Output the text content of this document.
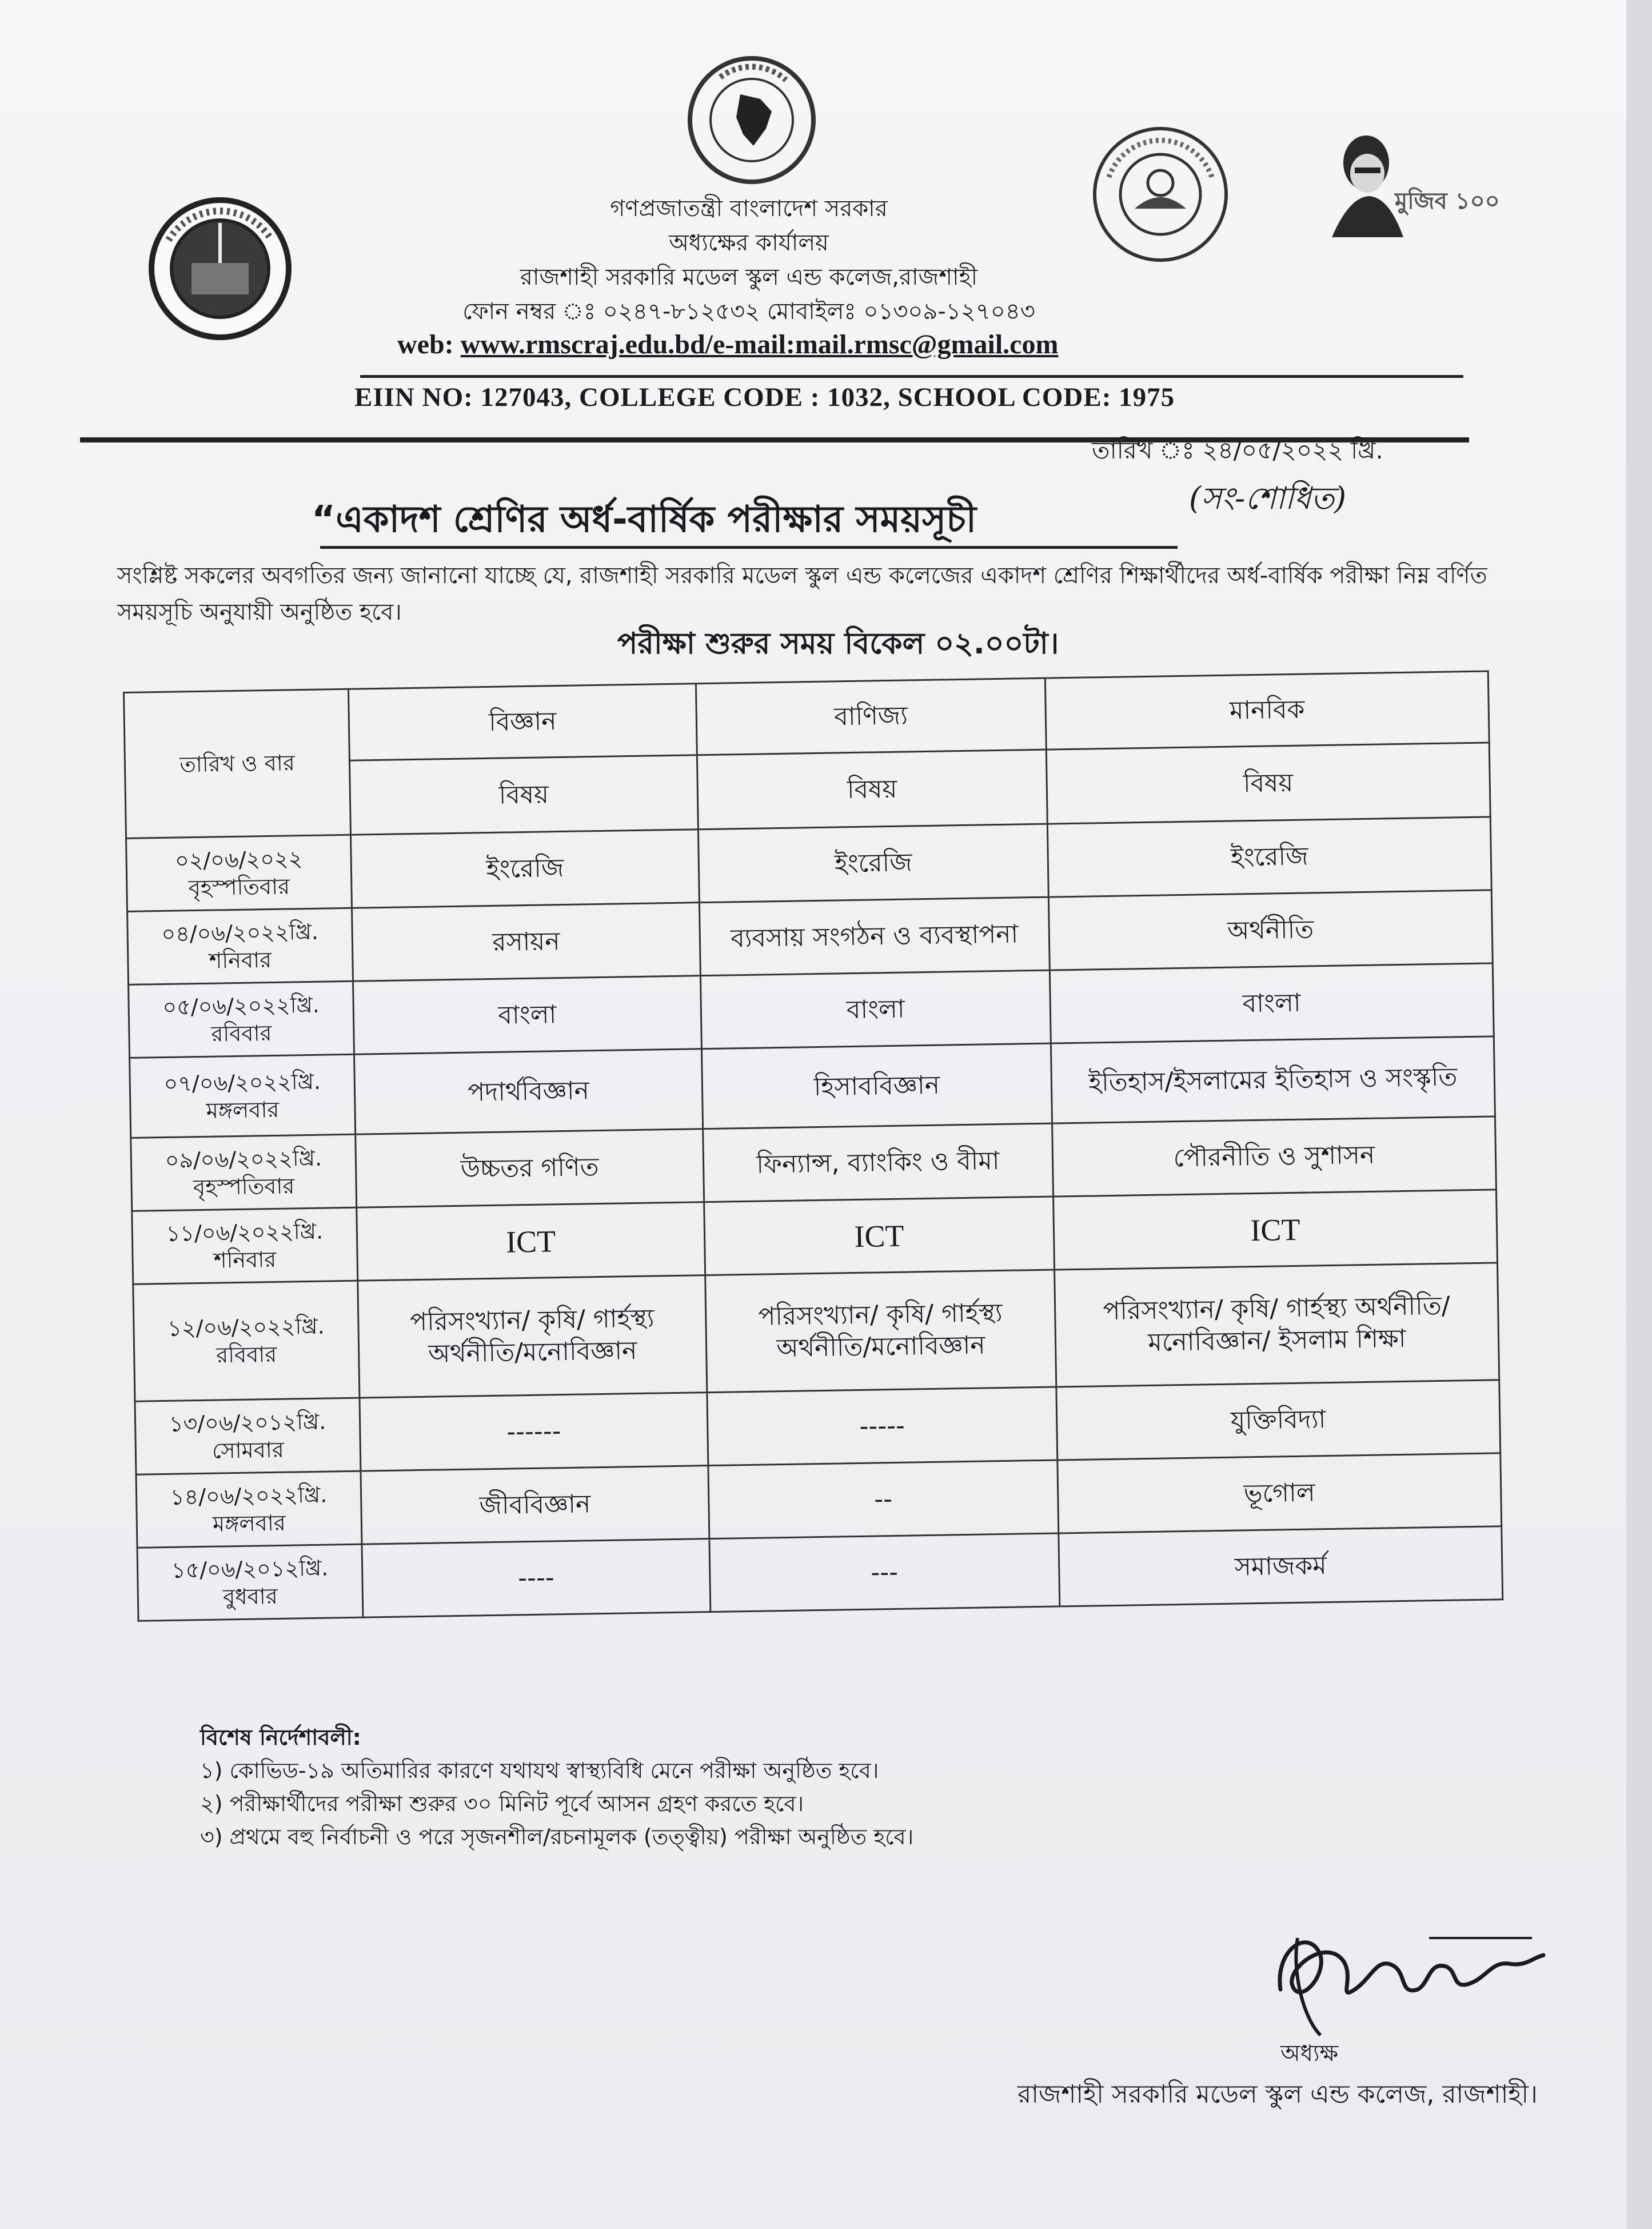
মুজিব ১০০
গণপ্রজাতন্ত্রী বাংলাদেশ সরকার
অধ্যক্ষের কার্যালয়
রাজশাহী সরকারি মডেল স্কুল এন্ড কলেজ,রাজশাহী
ফোন নম্বর ঃ ০২৪৭-৮১২৫৩২ মোবাইলঃ ০১৩০৯-১২৭০৪৩
web: www.rmscraj.edu.bd/e-mail:mail.rmsc@gmail.com
EIIN NO: 127043, COLLEGE CODE : 1032, SCHOOL CODE: 1975
তারিখ ঃ ২৪/০৫/২০২২ খ্রি.
“একাদশ শ্রেণির অর্ধ-বার্ষিক পরীক্ষার সময়সূচী
(সং-শোধিত)
সংশ্লিষ্ট সকলের অবগতির জন্য জানানো যাচ্ছে যে, রাজশাহী সরকারি মডেল স্কুল এন্ড কলেজের একাদশ শ্রেণির শিক্ষার্থীদের অর্ধ-বার্ষিক পরীক্ষা নিম্ন বর্ণিত সময়সূচি অনুযায়ী অনুষ্ঠিত হবে।
পরীক্ষা শুরুর সময় বিকেল ০২.০০টা।
তারিখ ও বার	বিজ্ঞান	বাণিজ্য	মানবিক
	বিষয়	বিষয়	বিষয়
০২/০৬/২০২২
বৃহস্পতিবার	ইংরেজি	ইংরেজি	ইংরেজি
০৪/০৬/২০২২খ্রি.
শনিবার	রসায়ন	ব্যবসায় সংগঠন ও ব্যবস্থাপনা	অর্থনীতি
০৫/০৬/২০২২খ্রি.
রবিবার	বাংলা	বাংলা	বাংলা
০৭/০৬/২০২২খ্রি.
মঙ্গলবার	পদার্থবিজ্ঞান	হিসাববিজ্ঞান	ইতিহাস/ইসলামের ইতিহাস ও সংস্কৃতি
০৯/০৬/২০২২খ্রি.
বৃহস্পতিবার	উচ্চতর গণিত	ফিন্যান্স, ব্যাংকিং ও বীমা	পৌরনীতি ও সুশাসন
১১/০৬/২০২২খ্রি.
শনিবার	ICT	ICT	ICT
১২/০৬/২০২২খ্রি.
রবিবার	পরিসংখ্যান/ কৃষি/ গার্হস্থ্য অর্থনীতি/মনোবিজ্ঞান	পরিসংখ্যান/ কৃষি/ গার্হস্থ্য অর্থনীতি/মনোবিজ্ঞান	পরিসংখ্যান/ কৃষি/ গার্হস্থ্য অর্থনীতি/ মনোবিজ্ঞান/ ইসলাম শিক্ষা
১৩/০৬/২০১২খ্রি.
সোমবার	------	-----	যুক্তিবিদ্যা
১৪/০৬/২০২২খ্রি.
মঙ্গলবার	জীববিজ্ঞান	--	ভূগোল
১৫/০৬/২০১২খ্রি.
বুধবার	----	---	সমাজকর্ম
বিশেষ নির্দেশাবলী:
১) কোভিড-১৯ অতিমারির কারণে যথাযথ স্বাস্থ্যবিধি মেনে পরীক্ষা অনুষ্ঠিত হবে।
২) পরীক্ষার্থীদের পরীক্ষা শুরুর ৩০ মিনিট পূর্বে আসন গ্রহণ করতে হবে।
৩) প্রথমে বহু নির্বাচনী ও পরে সৃজনশীল/রচনামূলক (তত্ত্বীয়) পরীক্ষা অনুষ্ঠিত হবে।
অধ্যক্ষ
রাজশাহী সরকারি মডেল স্কুল এন্ড কলেজ, রাজশাহী।
